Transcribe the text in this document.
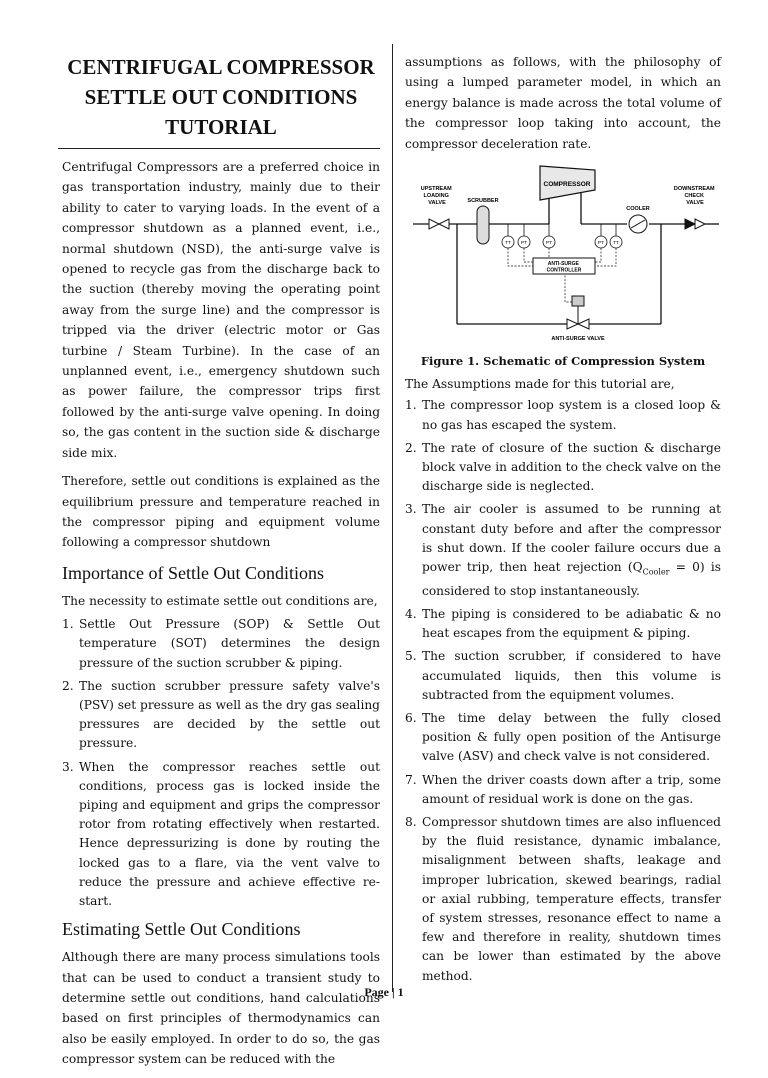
CENTRIFUGAL COMPRESSOR
SETTLE OUT CONDITIONS
TUTORIAL

Centrifugal Compressors are a preferred choice in gas transportation industry, mainly due to their ability to cater to varying loads. In the event of a compressor shutdown as a planned event, i.e., normal shutdown (NSD), the anti-surge valve is opened to recycle gas from the discharge back to the suction (thereby moving the operating point away from the surge line) and the compressor is tripped via the driver (electric motor or Gas turbine / Steam Turbine). In the case of an unplanned event, i.e., emergency shutdown such as power failure, the compressor trips first followed by the anti-surge valve opening. In doing so, the gas content in the suction side & discharge side mix.

Therefore, settle out conditions is explained as the equilibrium pressure and temperature reached in the compressor piping and equipment volume following a compressor shutdown

Importance of Settle Out Conditions

The necessity to estimate settle out conditions are,

1. Settle Out Pressure (SOP) & Settle Out temperature (SOT) determines the design pressure of the suction scrubber & piping.
2. The suction scrubber pressure safety valve's (PSV) set pressure as well as the dry gas sealing pressures are decided by the settle out pressure.
3. When the compressor reaches settle out conditions, process gas is locked inside the piping and equipment and grips the compressor rotor from rotating effectively when restarted. Hence depressurizing is done by routing the locked gas to a flare, via the vent valve to reduce the pressure and achieve effective re-start.
Estimating Settle Out Conditions

Although there are many process simulations tools that can be used to conduct a transient study to determine settle out conditions, hand calculations based on first principles of thermodynamics can also be easily employed. In order to do so, the gas compressor system can be reduced with the

assumptions as follows, with the philosophy of using a lumped parameter model, in which an energy balance is made across the total volume of the compressor loop taking into account, the compressor deceleration rate.

COMPRESSOR
UPSTREAM LOADING VALVE	SCRUBBER
COOLER
DOWNSTREAM CHECK VALVE
TT PT	PT	PT TT
ANTI-SURGE CONTROLLER
ANTI-SURGE VALVE
Figure 1. Schematic of Compression System

The Assumptions made for this tutorial are,

1. The compressor loop system is a closed loop & no gas has escaped the system.
2. The rate of closure of the suction & discharge block valve in addition to the check valve on the discharge side is neglected.
3. The air cooler is assumed to be running at constant duty before and after the compressor is shut down. If the cooler failure occurs due a power trip, then heat rejection $(Q_{Cooler} = 0)$ is considered to stop instantaneously.
4. The piping is considered to be adiabatic & no heat escapes from the equipment & piping.
5. The suction scrubber, if considered to have accumulated liquids, then this volume is subtracted from the equipment volumes.
6. The time delay between the fully closed position & fully open position of the Antisurge valve (ASV) and check valve is not considered.
7. When the driver coasts down after a trip, some amount of residual work is done on the gas.
8. Compressor shutdown times are also influenced by the fluid resistance, dynamic imbalance, misalignment between shafts, leakage and improper lubrication, skewed bearings, radial or axial rubbing, temperature effects, transfer of system stresses, resonance effect to name a few and therefore in reality, shutdown times can be lower than estimated by the above method.
Page | 1
